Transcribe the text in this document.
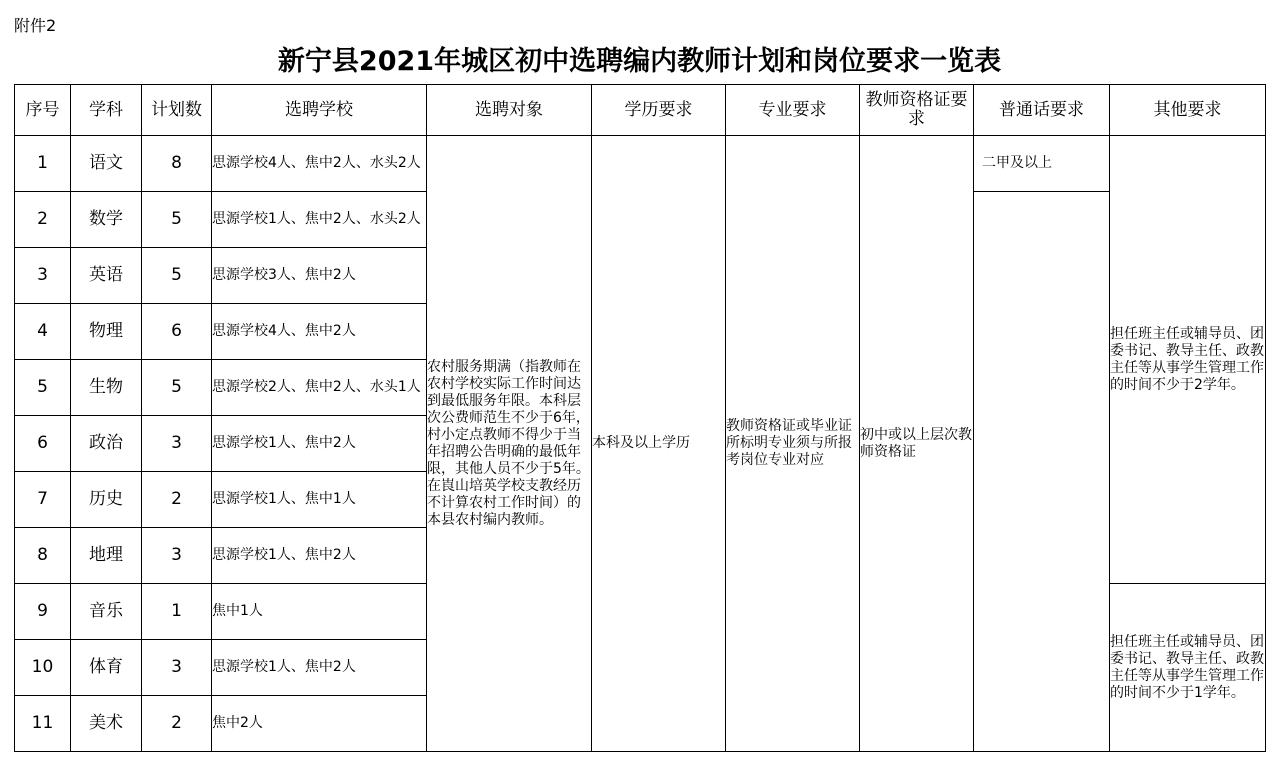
附件2
新宁县2021年城区初中选聘编内教师计划和岗位要求一览表
序号	学科	计划数	选聘学校	选聘对象	学历要求	专业要求	教师资格证要求	普通话要求	其他要求
1	语文	8	思源学校4人、焦中2人、水头2人	农村服务期满（指教师在农村学校实际工作时间达到最低服务年限。本科层次公费师范生不少于6年，村小定点教师不得少于当年招聘公告明确的最低年限，其他人员不少于5年。在崀山培英学校支教经历不计算农村工作时间）的本县农村编内教师。	本科及以上学历	教师资格证或毕业证所标明专业须与所报考岗位专业对应	初中或以上层次教师资格证	二甲及以上	担任班主任或辅导员、团委书记、教导主任、政教主任等从事学生管理工作的时间不少于2学年。
2	数学	5	思源学校1人、焦中2人、水头2人						
3	英语	5	思源学校3人、焦中2人						
4	物理	6	思源学校4人、焦中2人						
5	生物	5	思源学校2人、焦中2人、水头1人						
6	政治	3	思源学校1人、焦中2人						
7	历史	2	思源学校1人、焦中1人						
8	地理	3	思源学校1人、焦中2人						
9	音乐	1	焦中1人						担任班主任或辅导员、团委书记、教导主任、政教主任等从事学生管理工作的时间不少于1学年。
10	体育	3	思源学校1人、焦中2人						
11	美术	2	焦中2人						
